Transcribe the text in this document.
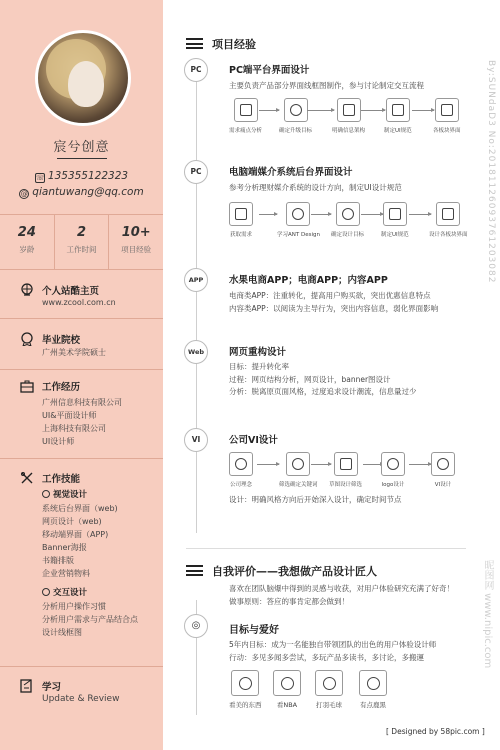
宸兮创意
☏ 135355122323
@ qiantuwang@qq.com
24
岁龄
2
工作时间
10+
项目经验
个人站酷主页
www.zcool.com.cn
毕业院校
广州美术学院硕士
工作经历
广州信息科技有限公司
UI&平面设计师
上海科技有限公司
UI设计师
工作技能
视觉设计
系统后台界面（web)
网页设计（web)
移动端界面（APP)
Banner海报
书籍排版
企业营销物料
交互设计
分析用户操作习惯
分析用户需求与产品结合点
设计线框图
学习
Update & Review
项目经验
PC	PC端平台界面设计
主要负责产品部分界面线框图制作，参与讨论制定交互流程
需求痛点分析	确定升级目标	明确信息架构	制定UI规范	各板块界面
PC	电脑端媒介系统后台界面设计
参考分析理财媒介系统的设计方向，制定UI设计规范
获取需求	学习ANT Design 确定设计目标	制定UI规范	设计各板块界面
APP	水果电商APP；电商APP；内容APP
电商类APP：注重转化，提高用户购买欲，突出优惠信息特点
内容类APP：以阅读为主导行为，突出内容信息，弱化界面影响
Web	网页重构设计
目标：提升转化率
过程：网页结构分析，网页设计，banner图设计
分析：脱离原页面风格，过度追求设计潮流，信息量过少
VI	公司VI设计
公司理念	筛选确定关键词 草图设计筛选	logo设计	VI设计
设计：明确风格方向后开始深入设计，确定时间节点
自我评价——我想做产品设计匠人
喜欢在团队脑爆中得到的灵感与收获，对用户体验研究充满了好奇！
做事原则：答应的事肯定都会做到！
◎	目标与爱好
5年内目标：成为一名能独自带领团队的出色的用户体验设计师
行动：多见多闻多尝试，多玩产品多读书，多讨论，多搬運
看美的东西	看NBA	打羽毛球	有点鹿黑
[ Designed by 58pic.com ]
By:SUNdaD3 No:20181126093761203082
昵图网 www.nipic.com
